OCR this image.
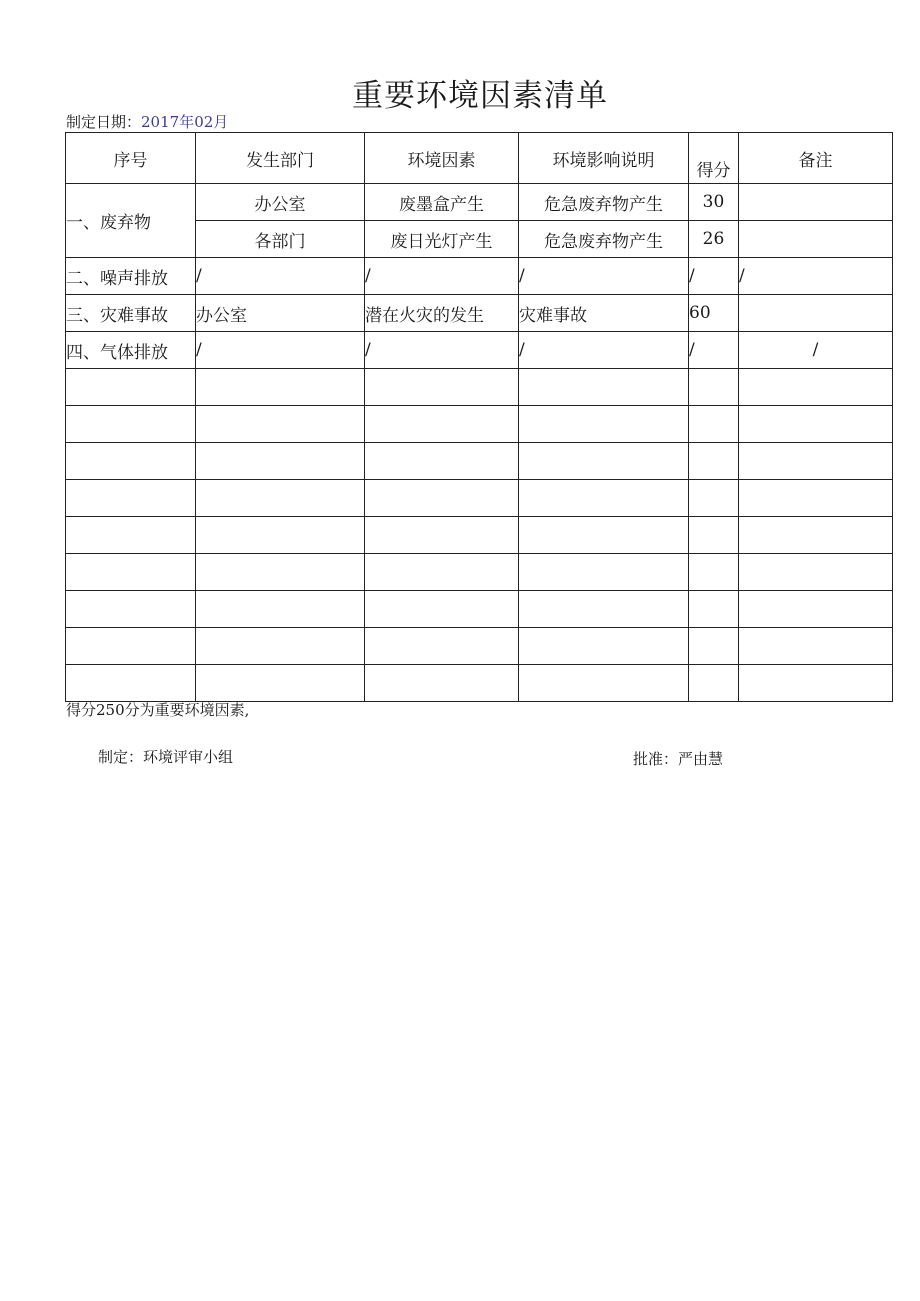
重要环境因素清单
制定日期：2017年02月
序号	发生部门	环境因素	环境影响说明	得分	备注
一、废弃物	办公室	废墨盒产生	危急废弃物产生	30	
	各部门	废日光灯产生	危急废弃物产生	26	
二、噪声排放	/	/	/	/	/
三、灾难事故	办公室	潜在火灾的发生	灾难事故	60	
四、气体排放	/	/	/	/	/

得分250分为重要环境因素,
制定：环境评审小组	批准：严由慧
